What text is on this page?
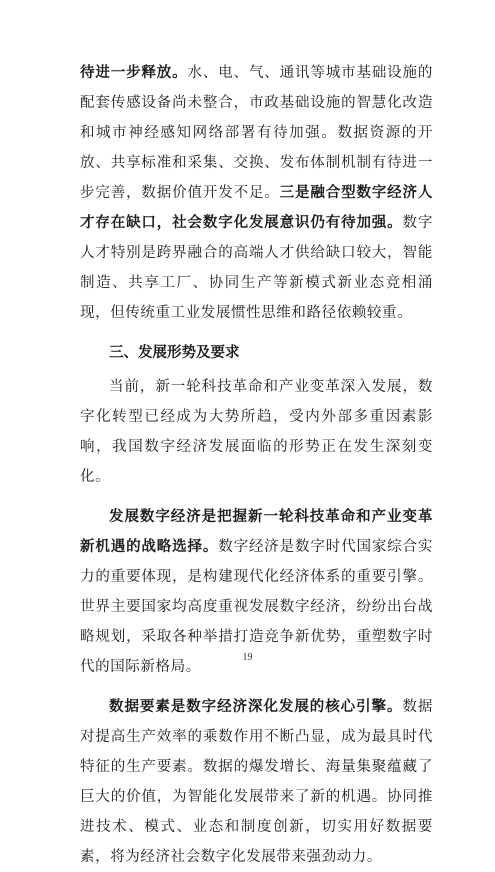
待进一步释放。水、电、气、通讯等城市基础设施的配套传感设备尚未整合，市政基础设施的智慧化改造和城市神经感知网络部署有待加强。数据资源的开放、共享标准和采集、交换、发布体制机制有待进一步完善，数据价值开发不足。三是融合型数字经济人才存在缺口，社会数字化发展意识仍有待加强。数字人才特别是跨界融合的高端人才供给缺口较大，智能制造、共享工厂、协同生产等新模式新业态竞相涌现，但传统重工业发展惯性思维和路径依赖较重。

三、发展形势及要求

当前，新一轮科技革命和产业变革深入发展，数字化转型已经成为大势所趋，受内外部多重因素影响，我国数字经济发展面临的形势正在发生深刻变化。

发展数字经济是把握新一轮科技革命和产业变革新机遇的战略选择。数字经济是数字时代国家综合实力的重要体现，是构建现代化经济体系的重要引擎。世界主要国家均高度重视发展数字经济，纷纷出台战略规划，采取各种举措打造竞争新优势，重塑数字时代的国际新格局。

数据要素是数字经济深化发展的核心引擎。数据对提高生产效率的乘数作用不断凸显，成为最具时代特征的生产要素。数据的爆发增长、海量集聚蕴藏了巨大的价值，为智能化发展带来了新的机遇。协同推进技术、模式、业态和制度创新，切实用好数据要素，将为经济社会数字化发展带来强劲动力。

19
